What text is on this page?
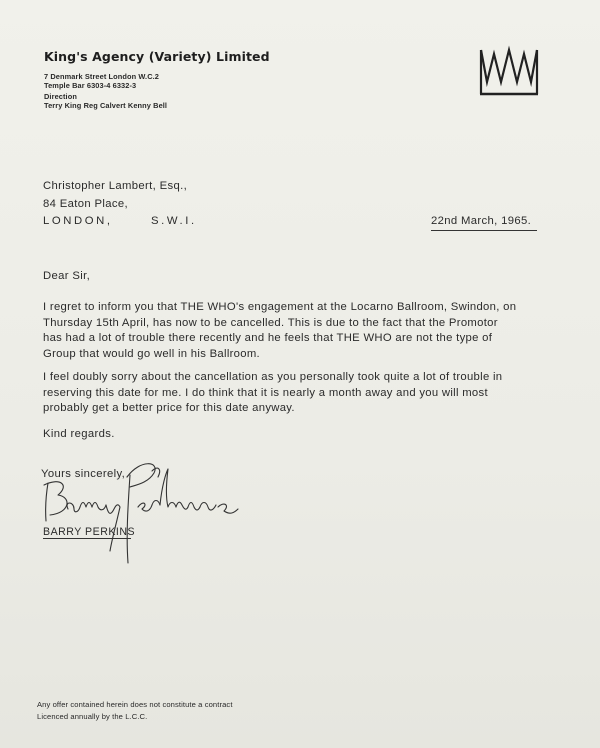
King's Agency (Variety) Limited
7 Denmark Street London W.C.2
Temple Bar 6303-4 6332-3
Direction
Terry King Reg Calvert Kenny Bell
Christopher Lambert, Esq.,
84 Eaton Place,
LONDON,	S.W.I.	22nd March, 1965.
Dear Sir,
I regret to inform you that THE WHO's engagement at the Locarno Ballroom, Swindon, on
Thursday 15th April, has now to be cancelled. This is due to the fact that the Promotor
has had a lot of trouble there recently and he feels that THE WHO are not the type of
Group that would go well in his Ballroom.
I feel doubly sorry about the cancellation as you personally took quite a lot of trouble in
reserving this date for me. I do think that it is nearly a month away and you will most
probably get a better price for this date anyway.
Kind regards.
Yours sincerely,
BARRY PERKINS
Any offer contained herein does not constitute a contract
Licenced annually by the L.C.C.
